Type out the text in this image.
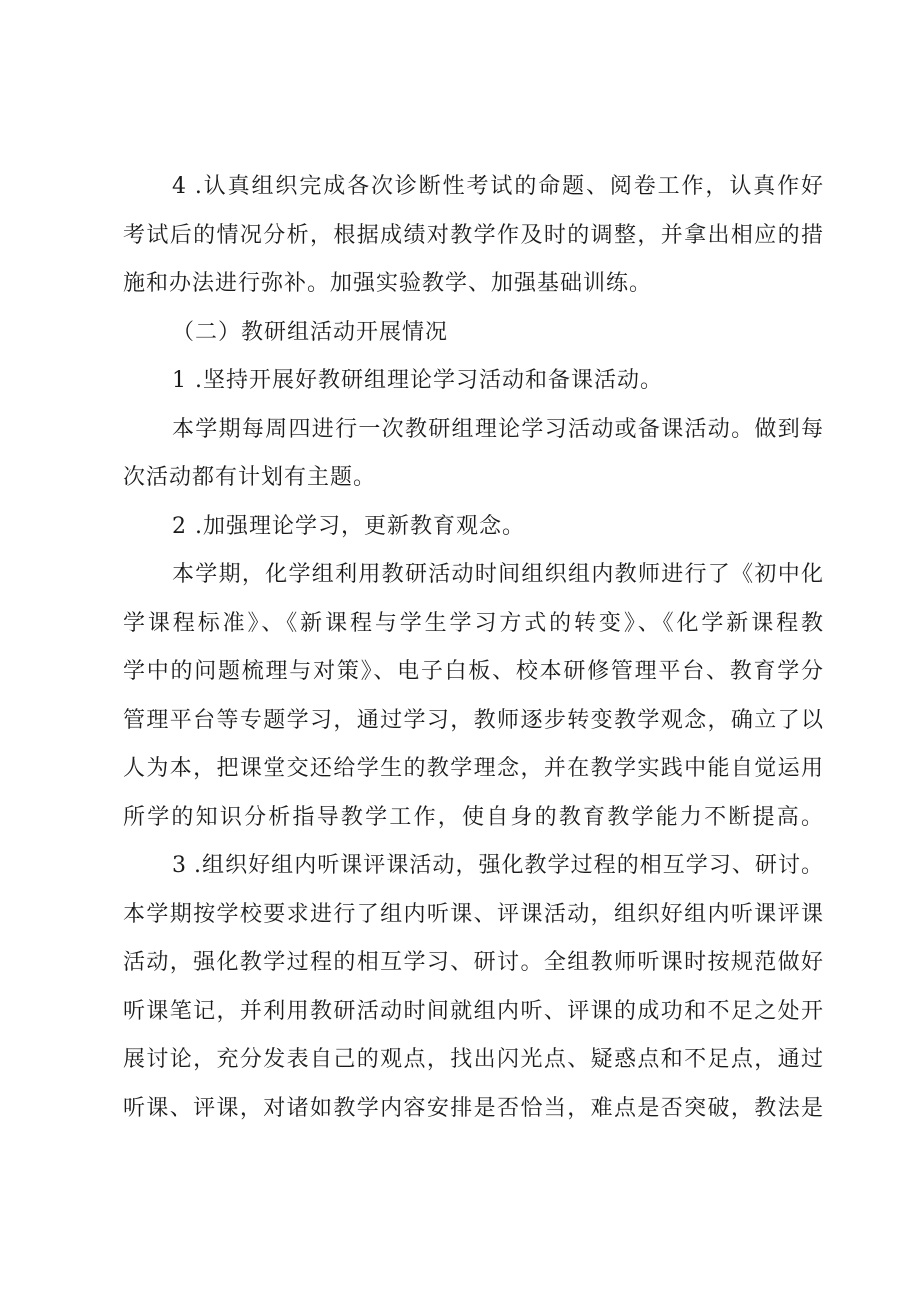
4 .认真组织完成各次诊断性考试的命题、阅卷工作，认真作好
考试后的情况分析，根据成绩对教学作及时的调整，并拿出相应的措
施和办法进行弥补。加强实验教学、加强基础训练。
（二）教研组活动开展情况
1 .坚持开展好教研组理论学习活动和备课活动。
本学期每周四进行一次教研组理论学习活动或备课活动。做到每
次活动都有计划有主题。
2 .加强理论学习，更新教育观念。
本学期，化学组利用教研活动时间组织组内教师进行了《初中化
学课程标准》、《新课程与学生学习方式的转变》、《化学新课程教
学中的问题梳理与对策》、电子白板、校本研修管理平台、教育学分
管理平台等专题学习，通过学习，教师逐步转变教学观念，确立了以
人为本，把课堂交还给学生的教学理念，并在教学实践中能自觉运用
所学的知识分析指导教学工作，使自身的教育教学能力不断提高。
3 .组织好组内听课评课活动，强化教学过程的相互学习、研讨。
本学期按学校要求进行了组内听课、评课活动，组织好组内听课评课
活动，强化教学过程的相互学习、研讨。全组教师听课时按规范做好
听课笔记，并利用教研活动时间就组内听、评课的成功和不足之处开
展讨论，充分发表自己的观点，找出闪光点、疑惑点和不足点，通过
听课、评课，对诸如教学内容安排是否恰当，难点是否突破，教法是
